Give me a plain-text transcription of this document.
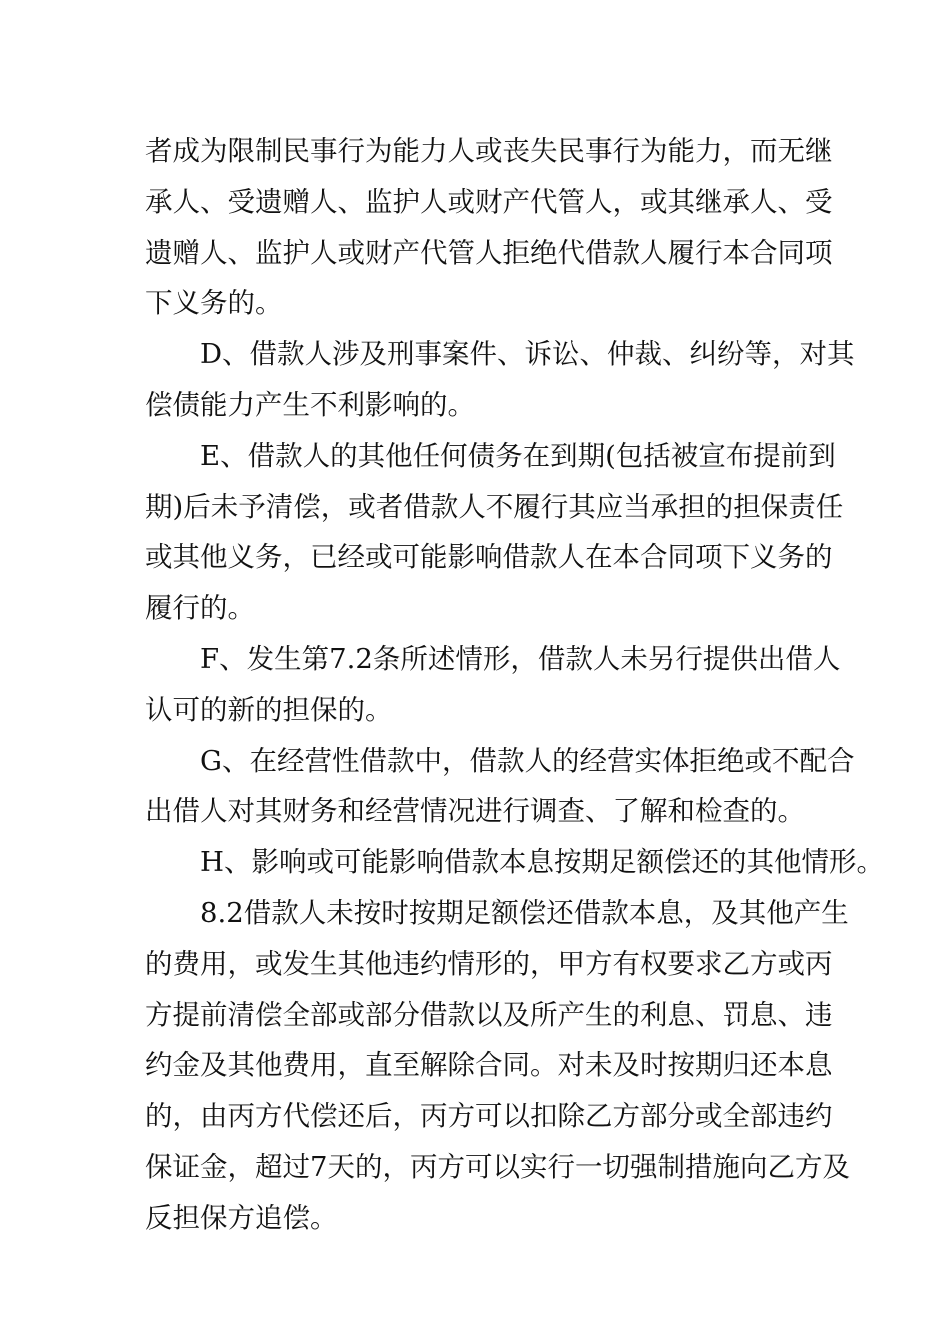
者成为限制民事行为能力人或丧失民事行为能力，而无继
承人、受遗赠人、监护人或财产代管人，或其继承人、受
遗赠人、监护人或财产代管人拒绝代借款人履行本合同项
下义务的。

D、借款人涉及刑事案件、诉讼、仲裁、纠纷等，对其
偿债能力产生不利影响的。

E、借款人的其他任何债务在到期(包括被宣布提前到
期)后未予清偿，或者借款人不履行其应当承担的担保责任
或其他义务，已经或可能影响借款人在本合同项下义务的
履行的。

F、发生第7.2条所述情形，借款人未另行提供出借人
认可的新的担保的。

G、在经营性借款中，借款人的经营实体拒绝或不配合
出借人对其财务和经营情况进行调查、了解和检查的。

H、影响或可能影响借款本息按期足额偿还的其他情形。

8.2借款人未按时按期足额偿还借款本息，及其他产生
的费用，或发生其他违约情形的，甲方有权要求乙方或丙
方提前清偿全部或部分借款以及所产生的利息、罚息、违
约金及其他费用，直至解除合同。对未及时按期归还本息
的，由丙方代偿还后，丙方可以扣除乙方部分或全部违约
保证金，超过7天的，丙方可以实行一切强制措施向乙方及
反担保方追偿。
